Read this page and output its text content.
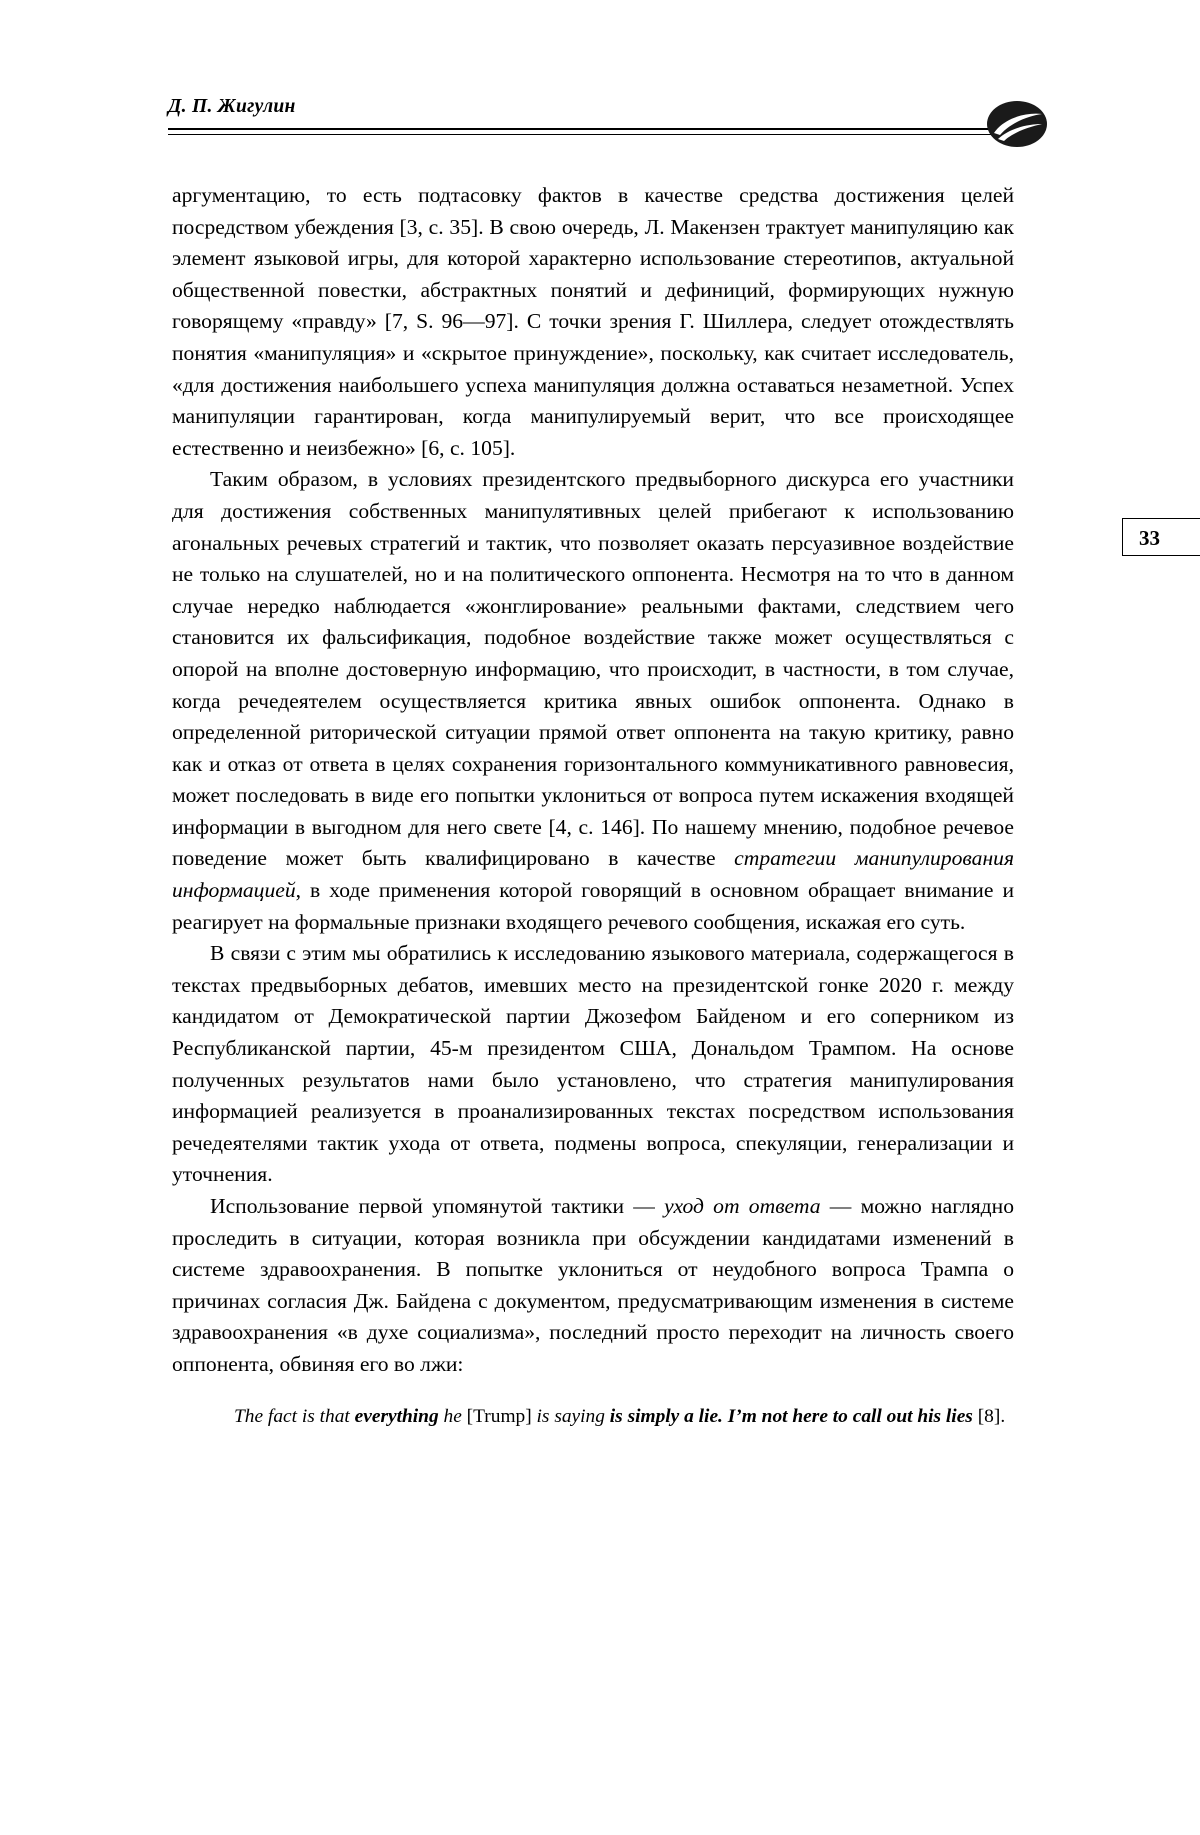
Д. П. Жигулин
33

аргументацию, то есть подтасовку фактов в качестве средства достижения целей посредством убеждения [3, с. 35]. В свою очередь, Л. Макензен трактует манипуляцию как элемент языковой игры, для которой характерно использование стереотипов, актуальной общественной повестки, абстрактных понятий и дефиниций, формирующих нужную говорящему «правду» [7, S. 96—97]. С точки зрения Г. Шиллера, следует отождествлять понятия «манипуляция» и «скрытое принуждение», поскольку, как считает исследователь, «для достижения наибольшего успеха манипуляция должна оставаться незаметной. Успех манипуляции гарантирован, когда манипулируемый верит, что все происходящее естественно и неизбежно» [6, с. 105].

Таким образом, в условиях президентского предвыборного дискурса его участники для достижения собственных манипулятивных целей прибегают к использованию агональных речевых стратегий и тактик, что позволяет оказать персуазивное воздействие не только на слушателей, но и на политического оппонента. Несмотря на то что в данном случае нередко наблюдается «жонглирование» реальными фактами, следствием чего становится их фальсификация, подобное воздействие также может осуществляться с опорой на вполне достоверную информацию, что происходит, в частности, в том случае, когда речедеятелем осуществляется критика явных ошибок оппонента. Однако в определенной риторической ситуации прямой ответ оппонента на такую критику, равно как и отказ от ответа в целях сохранения горизонтального коммуникативного равновесия, может последовать в виде его попытки уклониться от вопроса путем искажения входящей информации в выгодном для него свете [4, с. 146]. По нашему мнению, подобное речевое поведение может быть квалифицировано в качестве стратегии манипулирования информацией, в ходе применения которой говорящий в основном обращает внимание и реагирует на формальные признаки входящего речевого сообщения, искажая его суть.

В связи с этим мы обратились к исследованию языкового материала, содержащегося в текстах предвыборных дебатов, имевших место на президентской гонке 2020 г. между кандидатом от Демократической партии Джозефом Байденом и его соперником из Республиканской партии, 45-м президентом США, Дональдом Трампом. На основе полученных результатов нами было установлено, что стратегия манипулирования информацией реализуется в проанализированных текстах посредством использования речедеятелями тактик ухода от ответа, подмены вопроса, спекуляции, генерализации и уточнения.

Использование первой упомянутой тактики — уход от ответа — можно наглядно проследить в ситуации, которая возникла при обсуждении кандидатами изменений в системе здравоохранения. В попытке уклониться от неудобного вопроса Трампа о причинах согласия Дж. Байдена с документом, предусматривающим изменения в системе здравоохранения «в духе социализма», последний просто переходит на личность своего оппонента, обвиняя его во лжи:

The fact is that everything he [Trump] is saying is simply a lie. I’m not here to call out his lies [8].
